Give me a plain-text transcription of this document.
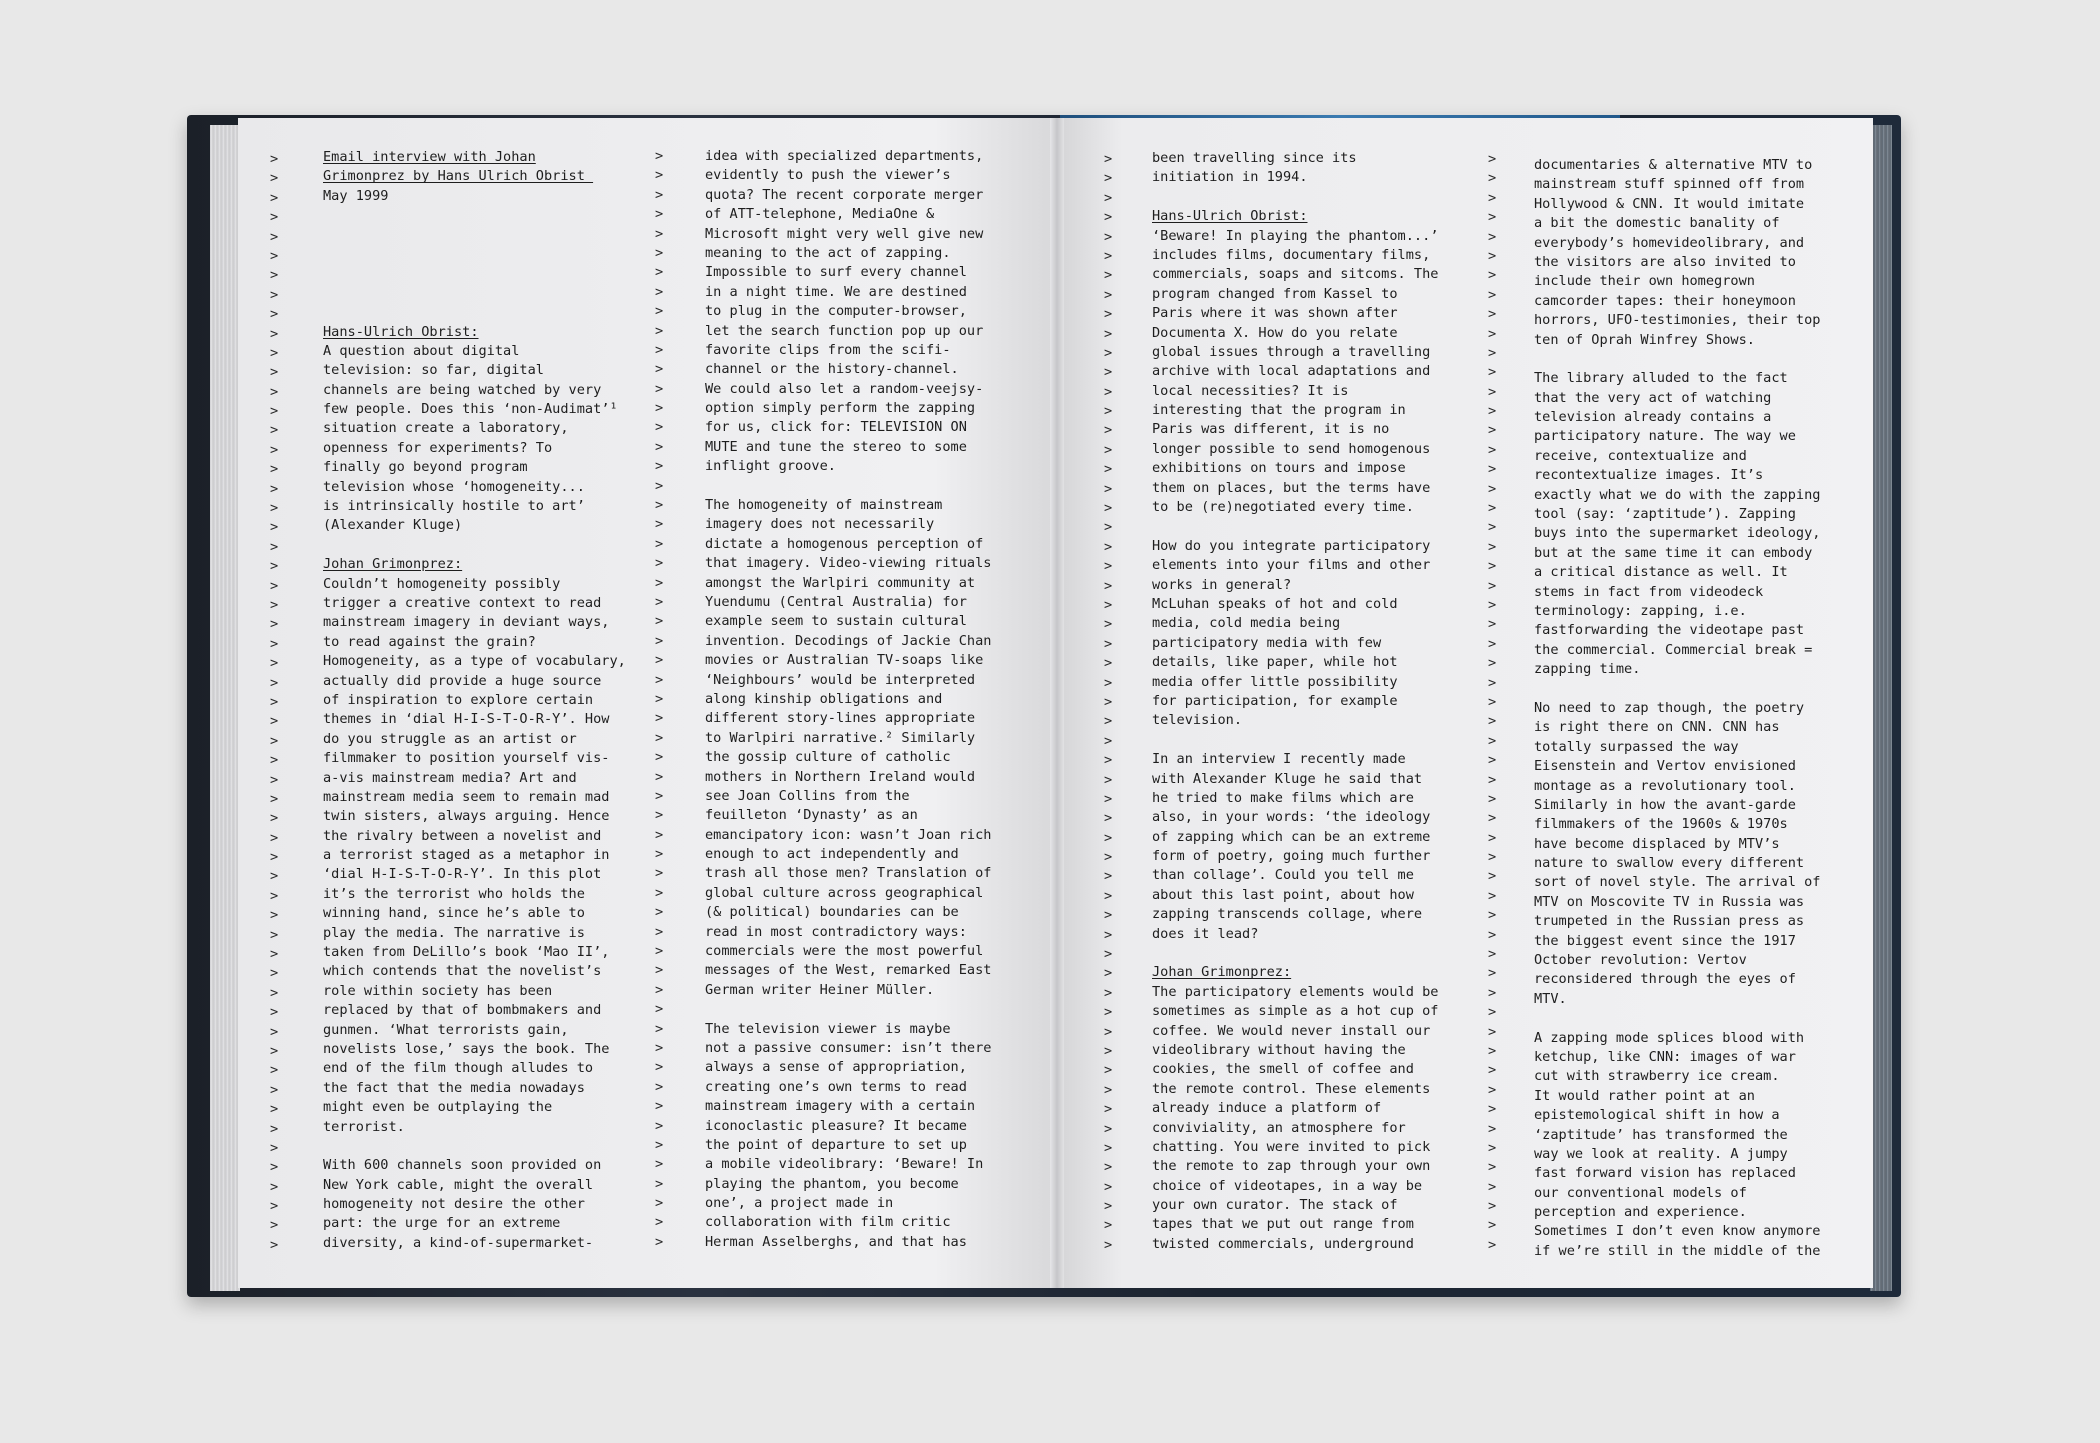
>
>
>
>
>
>
>
>
>
>
>
>
>
>
>
>
>
>
>
>
>
>
>
>
>
>
>
>
>
>
>
>
>
>
>
>
>
>
>
>
>
>
>
>
>
>
>
>
>
>
>
>
>
>
>
>
>
>
>
>
>
>
>
>
>
>
>
>
>
>
>
>
>
>
>
>
>
>
>
>
>
>
>
>
>
>
>
>
>
>
>
>
>
>
>
>
>
>
>
>
>
>
>
>
>
>
>
>
>
>
>
>
>
>
>
>
>
>
>
>
>
>
>
>
>
>
>
>
>
>
>
>
>
>
>
>
>
>
>
>
>
>
>
>
>
>
>
>
>
>
>
>
>
>
>
>
>
>
>
>
>
>
>
>
>
>
>
>
>
>
>
>
>
>
>
>
>
>
>
>
>
>
>
>
>
>
>
>
>
>
>
>
>
>
>
>
>
>
>
>
>
>
>
>
>
>
>
>
>
>
>
>
>
>
>
>
>
>
>
>
>
>
>
>
>
>
>
>
Email interview with Johan
Grimonprez by Hans Ulrich Obrist
May 1999
Hans-Ulrich Obrist:
A question about digital
television: so far, digital
channels are being watched by very
few people. Does this ‘non-Audimat’¹
situation create a laboratory,
openness for experiments? To
finally go beyond program
television whose ‘homogeneity...
is intrinsically hostile to art’
(Alexander Kluge)
Johan Grimonprez:
Couldn’t homogeneity possibly
trigger a creative context to read
mainstream imagery in deviant ways,
to read against the grain?
Homogeneity, as a type of vocabulary,
actually did provide a huge source
of inspiration to explore certain
themes in ‘dial H-I-S-T-O-R-Y’. How
do you struggle as an artist or
filmmaker to position yourself vis-
a-vis mainstream media? Art and
mainstream media seem to remain mad
twin sisters, always arguing. Hence
the rivalry between a novelist and
a terrorist staged as a metaphor in
‘dial H-I-S-T-O-R-Y’. In this plot
it’s the terrorist who holds the
winning hand, since he’s able to
play the media. The narrative is
taken from DeLillo’s book ‘Mao II’,
which contends that the novelist’s
role within society has been
replaced by that of bombmakers and
gunmen. ‘What terrorists gain,
novelists lose,’ says the book. The
end of the film though alludes to
the fact that the media nowadays
might even be outplaying the
terrorist.
With 600 channels soon provided on
New York cable, might the overall
homogeneity not desire the other
part: the urge for an extreme
diversity, a kind-of-supermarket-
idea with specialized departments,
evidently to push the viewer’s
quota? The recent corporate merger
of ATT-telephone, MediaOne &
Microsoft might very well give new
meaning to the act of zapping.
Impossible to surf every channel
in a night time. We are destined
to plug in the computer-browser,
let the search function pop up our
favorite clips from the scifi-
channel or the history-channel.
We could also let a random-veejsy-
option simply perform the zapping
for us, click for: TELEVISION ON
MUTE and tune the stereo to some
inflight groove.
The homogeneity of mainstream
imagery does not necessarily
dictate a homogenous perception of
that imagery. Video-viewing rituals
amongst the Warlpiri community at
Yuendumu (Central Australia) for
example seem to sustain cultural
invention. Decodings of Jackie Chan
movies or Australian TV-soaps like
‘Neighbours’ would be interpreted
along kinship obligations and
different story-lines appropriate
to Warlpiri narrative.² Similarly
the gossip culture of catholic
mothers in Northern Ireland would
see Joan Collins from the
feuilleton ‘Dynasty’ as an
emancipatory icon: wasn’t Joan rich
enough to act independently and
trash all those men? Translation of
global culture across geographical
(& political) boundaries can be
read in most contradictory ways:
commercials were the most powerful
messages of the West, remarked East
German writer Heiner Müller.
The television viewer is maybe
not a passive consumer: isn’t there
always a sense of appropriation,
creating one’s own terms to read
mainstream imagery with a certain
iconoclastic pleasure? It became
the point of departure to set up
a mobile videolibrary: ‘Beware! In
playing the phantom, you become
one’, a project made in
collaboration with film critic
Herman Asselberghs, and that has
been travelling since its
initiation in 1994.
Hans-Ulrich Obrist:
‘Beware! In playing the phantom...’
includes films, documentary films,
commercials, soaps and sitcoms. The
program changed from Kassel to
Paris where it was shown after
Documenta X. How do you relate
global issues through a travelling
archive with local adaptations and
local necessities? It is
interesting that the program in
Paris was different, it is no
longer possible to send homogenous
exhibitions on tours and impose
them on places, but the terms have
to be (re)negotiated every time.
How do you integrate participatory
elements into your films and other
works in general?
McLuhan speaks of hot and cold
media, cold media being
participatory media with few
details, like paper, while hot
media offer little possibility
for participation, for example
television.
In an interview I recently made
with Alexander Kluge he said that
he tried to make films which are
also, in your words: ‘the ideology
of zapping which can be an extreme
form of poetry, going much further
than collage’. Could you tell me
about this last point, about how
zapping transcends collage, where
does it lead?
Johan Grimonprez:
The participatory elements would be
sometimes as simple as a hot cup of
coffee. We would never install our
videolibrary without having the
cookies, the smell of coffee and
the remote control. These elements
already induce a platform of
conviviality, an atmosphere for
chatting. You were invited to pick
the remote to zap through your own
choice of videotapes, in a way be
your own curator. The stack of
tapes that we put out range from
twisted commercials, underground
documentaries & alternative MTV to
mainstream stuff spinned off from
Hollywood & CNN. It would imitate
a bit the domestic banality of
everybody’s homevideolibrary, and
the visitors are also invited to
include their own homegrown
camcorder tapes: their honeymoon
horrors, UFO-testimonies, their top
ten of Oprah Winfrey Shows.
The library alluded to the fact
that the very act of watching
television already contains a
participatory nature. The way we
receive, contextualize and
recontextualize images. It’s
exactly what we do with the zapping
tool (say: ‘zaptitude’). Zapping
buys into the supermarket ideology,
but at the same time it can embody
a critical distance as well. It
stems in fact from videodeck
terminology: zapping, i.e.
fastforwarding the videotape past
the commercial. Commercial break =
zapping time.
No need to zap though, the poetry
is right there on CNN. CNN has
totally surpassed the way
Eisenstein and Vertov envisioned
montage as a revolutionary tool.
Similarly in how the avant-garde
filmmakers of the 1960s & 1970s
have become displaced by MTV’s
nature to swallow every different
sort of novel style. The arrival of
MTV on Moscovite TV in Russia was
trumpeted in the Russian press as
the biggest event since the 1917
October revolution: Vertov
reconsidered through the eyes of
MTV.
A zapping mode splices blood with
ketchup, like CNN: images of war
cut with strawberry ice cream.
It would rather point at an
epistemological shift in how a
‘zaptitude’ has transformed the
way we look at reality. A jumpy
fast forward vision has replaced
our conventional models of
perception and experience.
Sometimes I don’t even know anymore
if we’re still in the middle of the
